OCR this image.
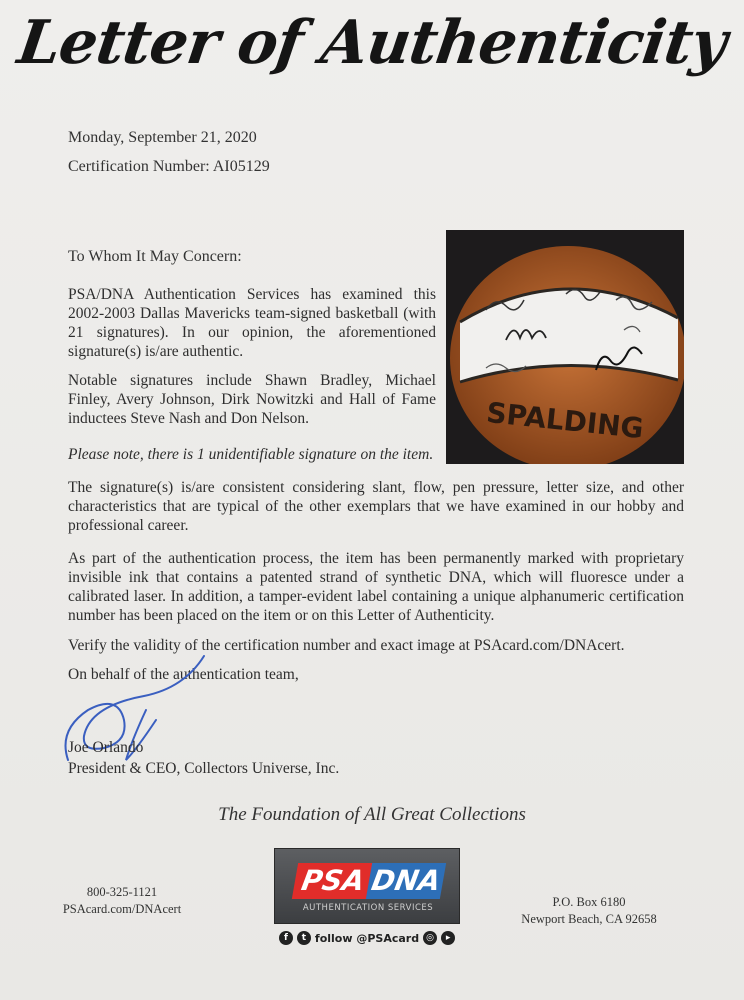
Letter of Authenticity
Monday, September 21, 2020
Certification Number: AI05129
To Whom It May Concern:
PSA/DNA Authentication Services has examined this 2002-2003 Dallas Mavericks team-signed basketball (with 21 signatures). In our opinion, the aforementioned signature(s) is/are authentic.
Notable signatures include Shawn Bradley, Michael Finley, Avery Johnson, Dirk Nowitzki and Hall of Fame inductees Steve Nash and Don Nelson.
Please note, there is 1 unidentifiable signature on the item.
SPALDING
The signature(s) is/are consistent considering slant, flow, pen pressure, letter size, and other characteristics that are typical of the other exemplars that we have examined in our hobby and professional career.
As part of the authentication process, the item has been permanently marked with proprietary invisible ink that contains a patented strand of synthetic DNA, which will fluoresce under a calibrated laser. In addition, a tamper-evident label containing a unique alphanumeric certification number has been placed on the item or on this Letter of Authenticity.
Verify the validity of the certification number and exact image at PSAcard.com/DNAcert.
On behalf of the authentication team,
Joe Orlando
President & CEO, Collectors Universe, Inc.
The Foundation of All Great Collections
800-325-1121
PSAcard.com/DNAcert
PSA DNA
AUTHENTICATION SERVICES
f	t follow @PSAcard ◎	▸
P.O. Box 6180
Newport Beach, CA 92658
